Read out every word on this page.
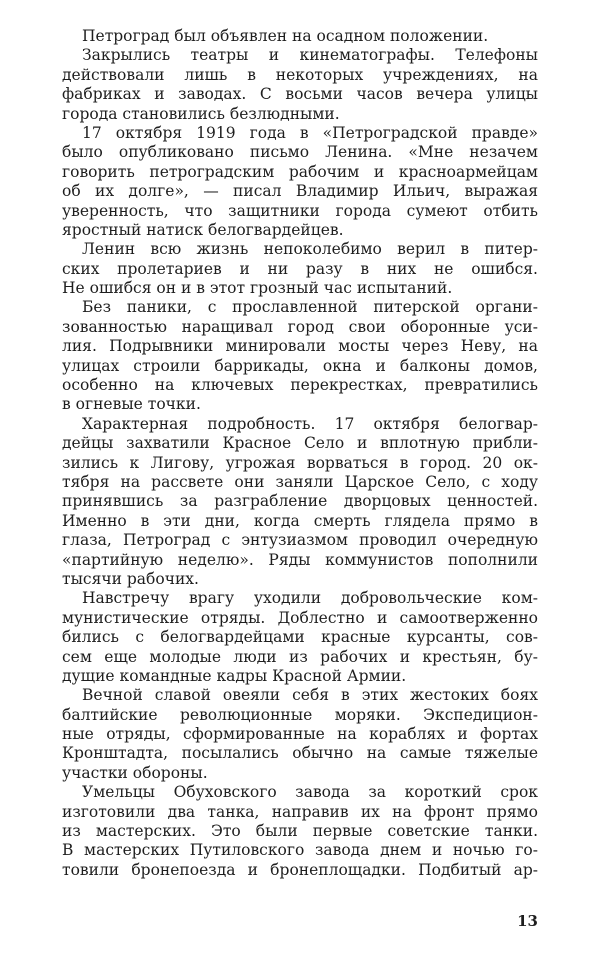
Петроград был объявлен на осадном положении.
Закрылись театры и кинематографы. Телефоны
действовали лишь в некоторых учреждениях, на
фабриках и заводах. С восьми часов вечера улицы
города становились безлюдными.
17 октября 1919 года в «Петроградской правде»
было опубликовано письмо Ленина. «Мне незачем
говорить петроградским рабочим и красноармейцам
об их долге», — писал Владимир Ильич, выражая
уверенность, что защитники города сумеют отбить
яростный натиск белогвардейцев.
Ленин всю жизнь непоколебимо верил в питер-
ских пролетариев и ни разу в них не ошибся.
Не ошибся он и в этот грозный час испытаний.
Без паники, с прославленной питерской органи-
зованностью наращивал город свои оборонные уси-
лия. Подрывники минировали мосты через Неву, на
улицах строили баррикады, окна и балконы домов,
особенно на ключевых перекрестках, превратились
в огневые точки.
Характерная подробность. 17 октября белогвар-
дейцы захватили Красное Село и вплотную прибли-
зились к Лигову, угрожая ворваться в город. 20 ок-
тября на рассвете они заняли Царское Село, с ходу
принявшись за разграбление дворцовых ценностей.
Именно в эти дни, когда смерть глядела прямо в
глаза, Петроград с энтузиазмом проводил очередную
«партийную неделю». Ряды коммунистов пополнили
тысячи рабочих.
Навстречу врагу уходили добровольческие ком-
мунистические отряды. Доблестно и самоотверженно
бились с белогвардейцами красные курсанты, сов-
сем еще молодые люди из рабочих и крестьян, бу-
дущие командные кадры Красной Армии.
Вечной славой овеяли себя в этих жестоких боях
балтийские революционные моряки. Экспедицион-
ные отряды, сформированные на кораблях и фортах
Кронштадта, посылались обычно на самые тяжелые
участки обороны.
Умельцы Обуховского завода за короткий срок
изготовили два танка, направив их на фронт прямо
из мастерских. Это были первые советские танки.
В мастерских Путиловского завода днем и ночью го-
товили бронепоезда и бронеплощадки. Подбитый ар-
13
